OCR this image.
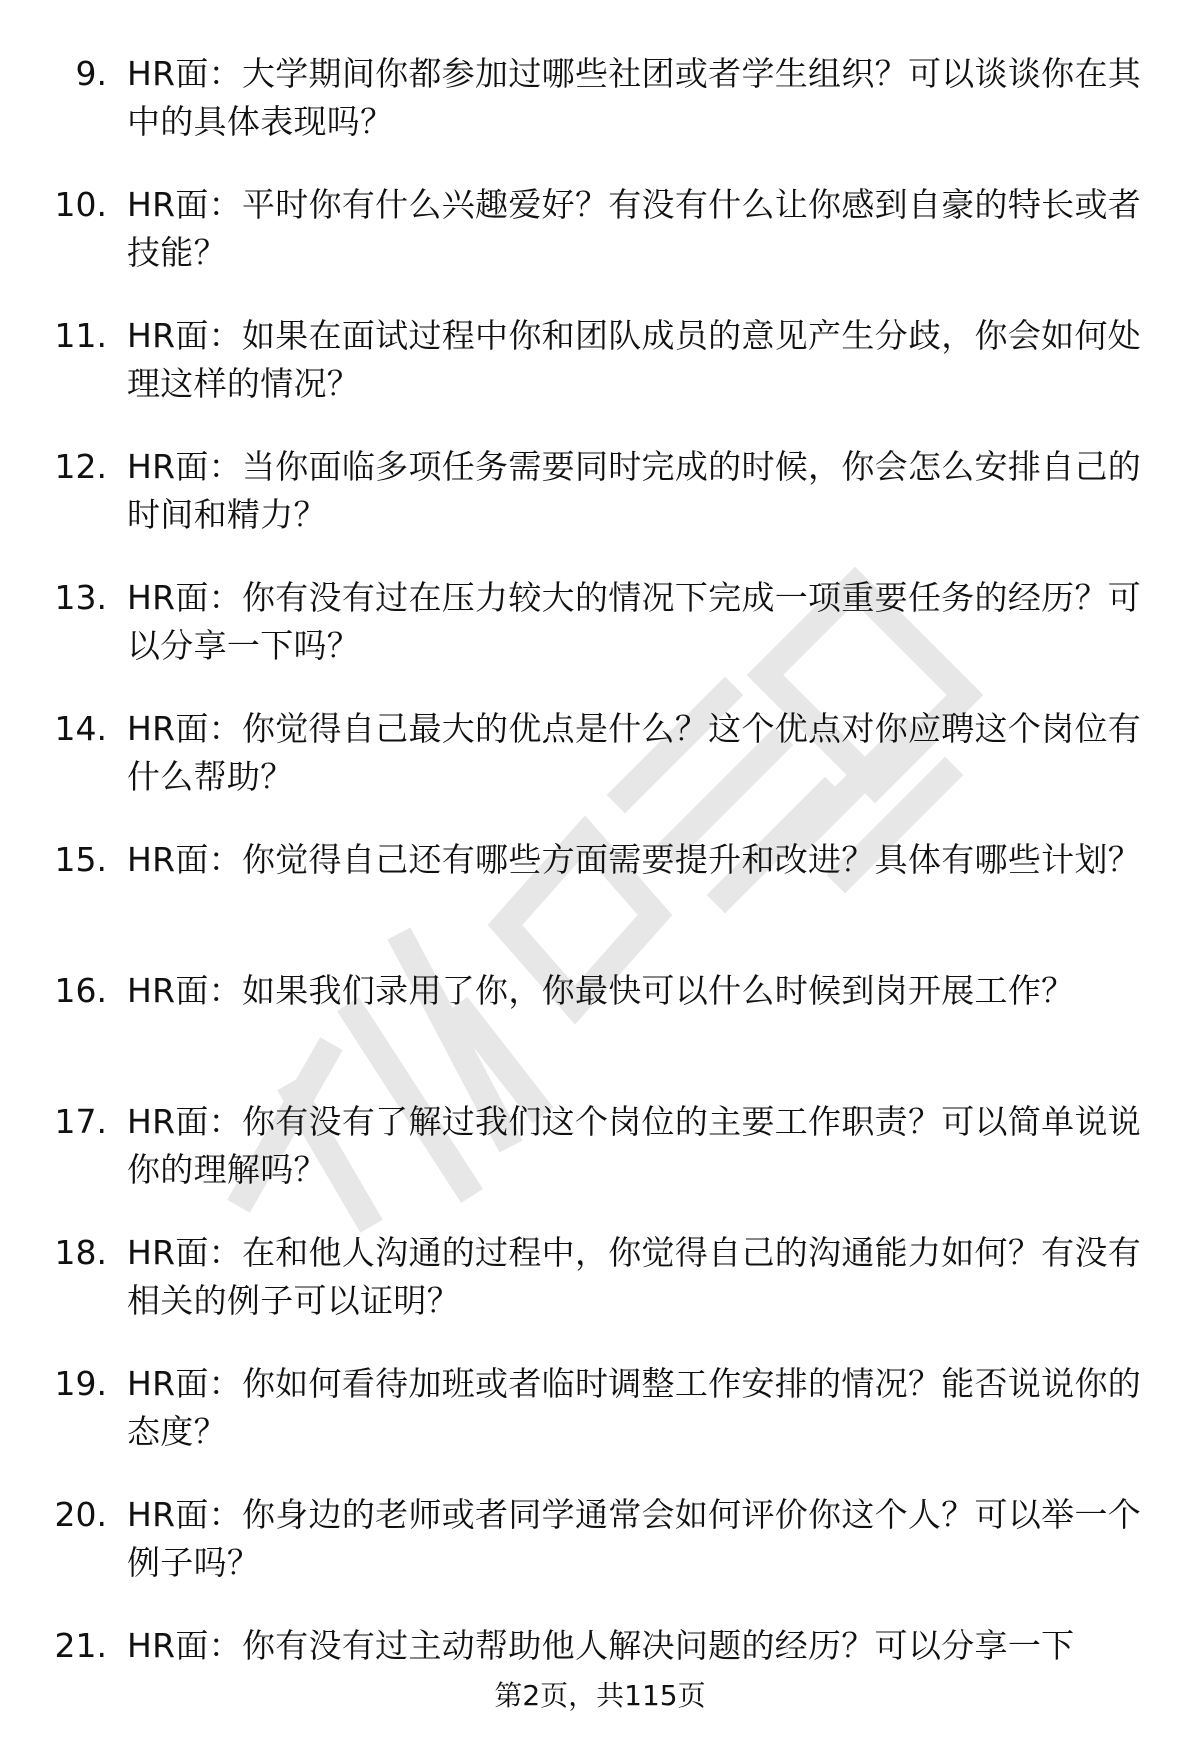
9. HR面：大学期间你都参加过哪些社团或者学生组织？可以谈谈你在其中的具体表现吗？
10. HR面：平时你有什么兴趣爱好？有没有什么让你感到自豪的特长或者技能？
11. HR面：如果在面试过程中你和团队成员的意见产生分歧，你会如何处理这样的情况？
12. HR面：当你面临多项任务需要同时完成的时候，你会怎么安排自己的时间和精力？
13. HR面：你有没有过在压力较大的情况下完成一项重要任务的经历？可以分享一下吗？
14. HR面：你觉得自己最大的优点是什么？这个优点对你应聘这个岗位有什么帮助？
15. HR面：你觉得自己还有哪些方面需要提升和改进？具体有哪些计划？
16. HR面：如果我们录用了你，你最快可以什么时候到岗开展工作？
17. HR面：你有没有了解过我们这个岗位的主要工作职责？可以简单说说你的理解吗？
18. HR面：在和他人沟通的过程中，你觉得自己的沟通能力如何？有没有相关的例子可以证明？
19. HR面：你如何看待加班或者临时调整工作安排的情况？能否说说你的态度？
20. HR面：你身边的老师或者同学通常会如何评价你这个人？可以举一个例子吗？
21. HR面：你有没有过主动帮助他人解决问题的经历？可以分享一下
第2页，共115页
